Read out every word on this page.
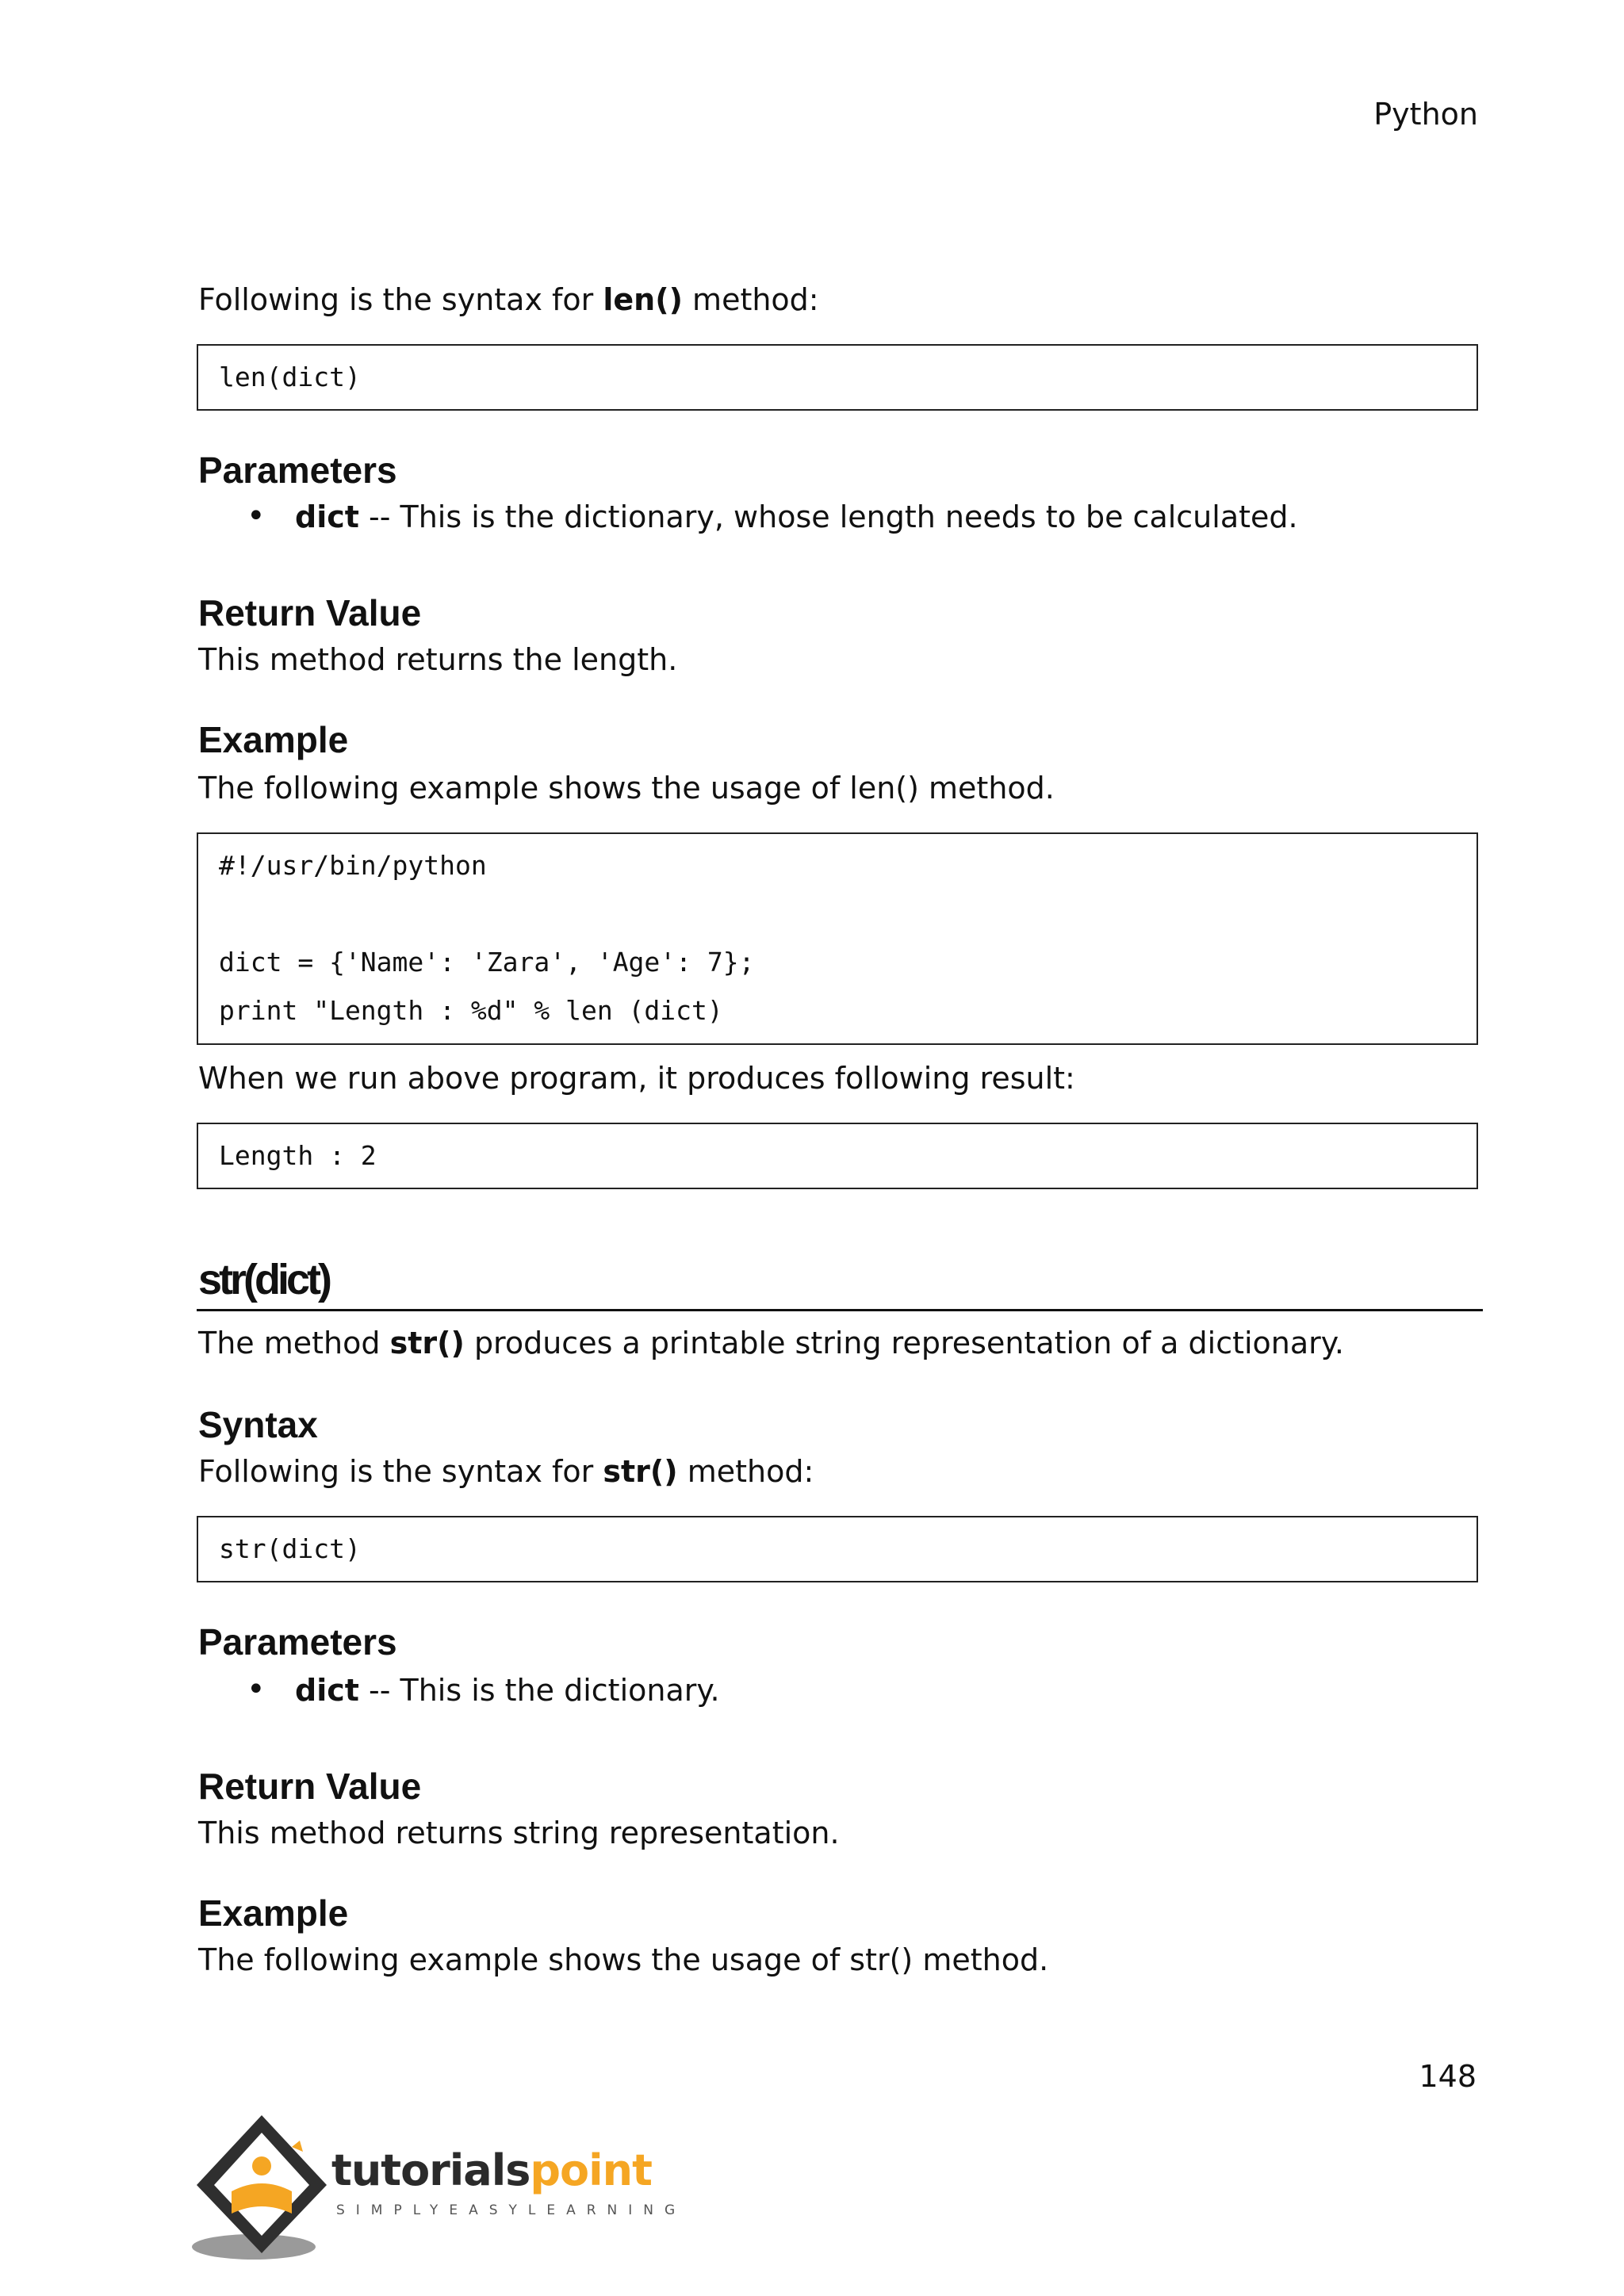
Python
Following is the syntax for len() method:
len(dict)
Parameters
• dict -- This is the dictionary, whose length needs to be calculated.
Return Value
This method returns the length.
Example
The following example shows the usage of len() method.
#!/usr/bin/python
dict = {'Name': 'Zara', 'Age': 7};
print "Length : %d" % len (dict)
When we run above program, it produces following result:
Length : 2
str(dict)
The method str() produces a printable string representation of a dictionary.
Syntax
Following is the syntax for str() method:
str(dict)
Parameters
• dict -- This is the dictionary.
Return Value
This method returns string representation.
Example
The following example shows the usage of str() method.
148
tutorialspoint
SIMPLYEASYLEARNING
